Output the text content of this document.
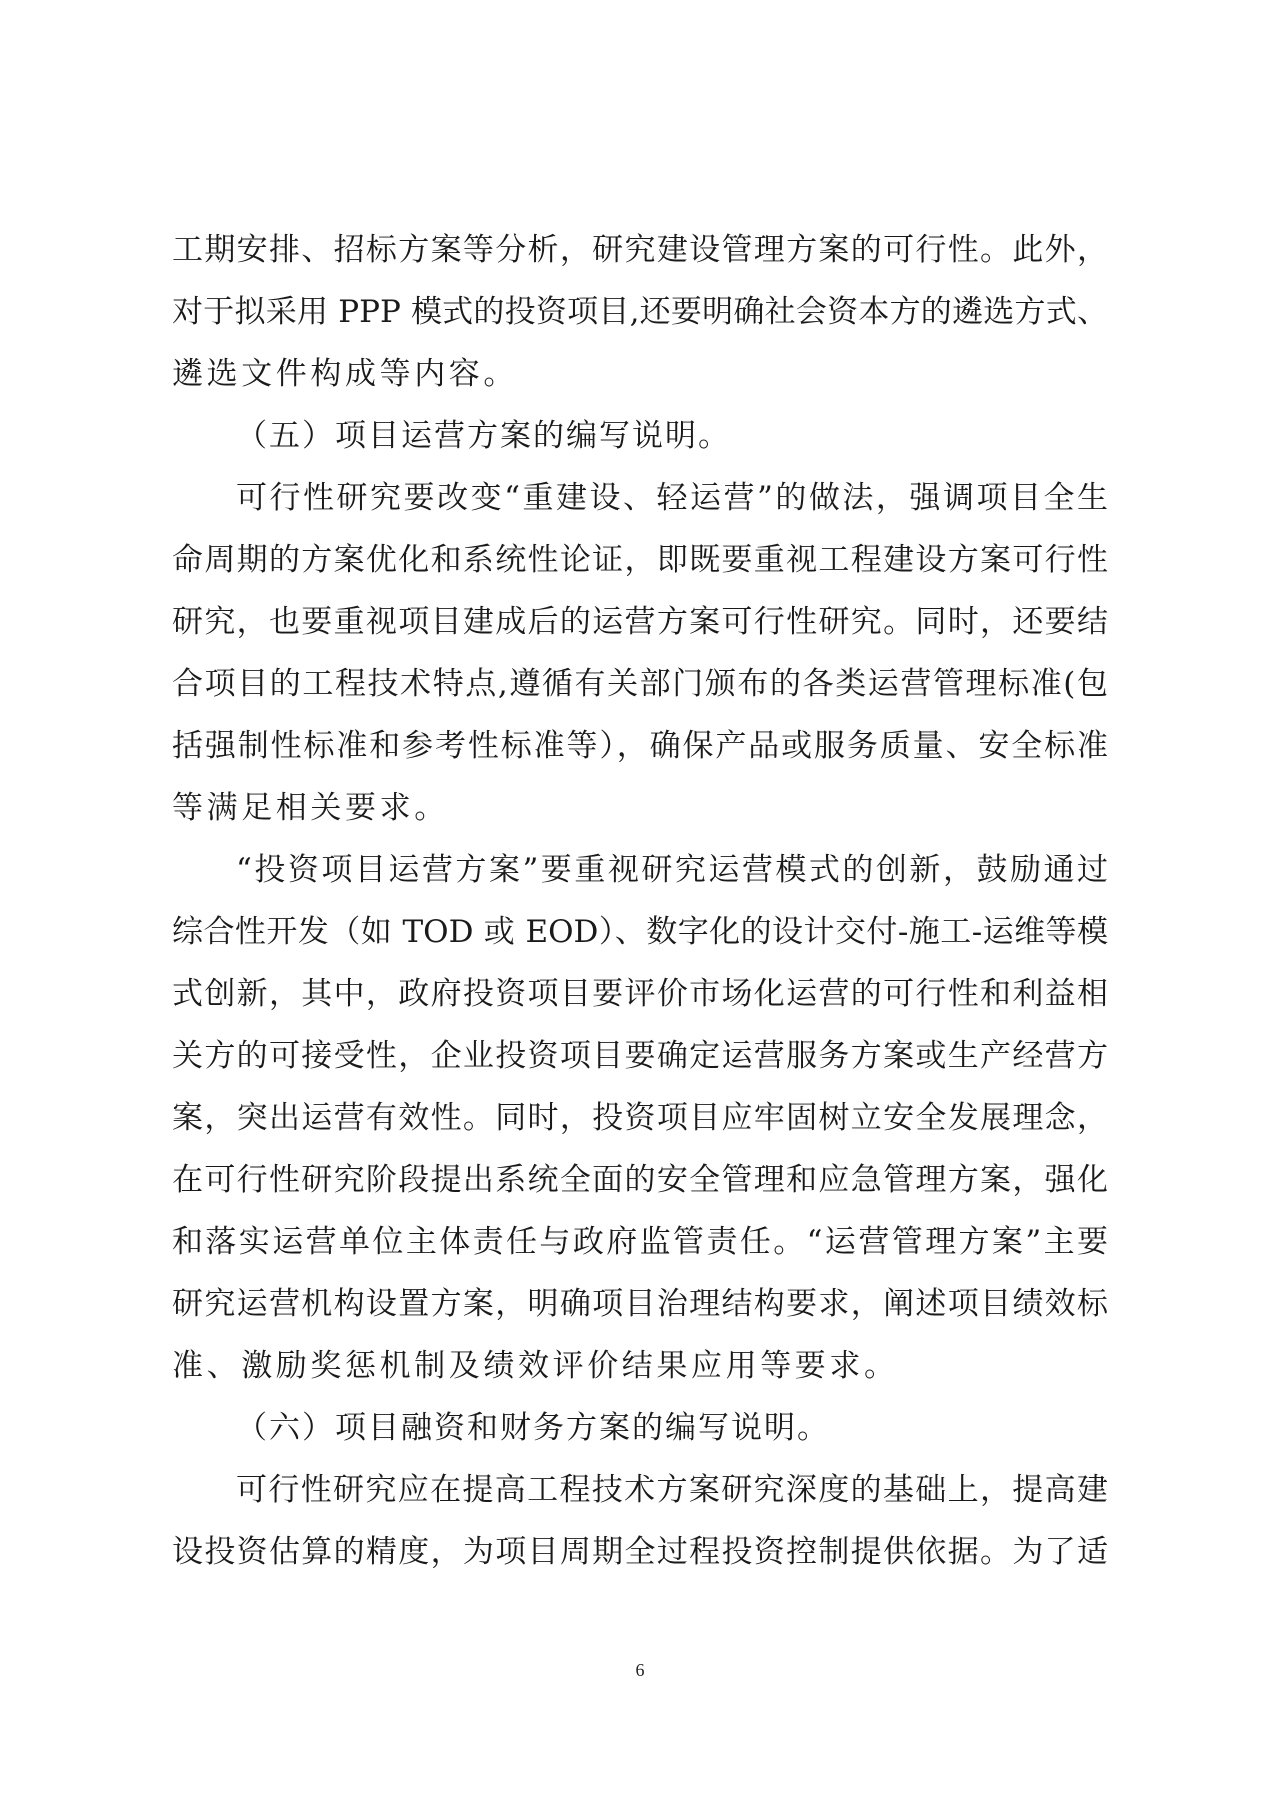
工期安排、招标方案等分析，研究建设管理方案的可行性。此外，
对于拟采用 PPP 模式的投资项目,还要明确社会资本方的遴选方式、
遴选文件构成等内容。
（五）项目运营方案的编写说明。
可行性研究要改变“重建设、轻运营”的做法，强调项目全生
命周期的方案优化和系统性论证，即既要重视工程建设方案可行性
研究，也要重视项目建成后的运营方案可行性研究。同时，还要结
合项目的工程技术特点,遵循有关部门颁布的各类运营管理标准(包
括强制性标准和参考性标准等），确保产品或服务质量、安全标准
等满足相关要求。
“投资项目运营方案”要重视研究运营模式的创新，鼓励通过
综合性开发（如 TOD 或 EOD）、数字化的设计交付-施工-运维等模
式创新，其中，政府投资项目要评价市场化运营的可行性和利益相
关方的可接受性，企业投资项目要确定运营服务方案或生产经营方
案，突出运营有效性。同时，投资项目应牢固树立安全发展理念，
在可行性研究阶段提出系统全面的安全管理和应急管理方案，强化
和落实运营单位主体责任与政府监管责任。“运营管理方案”主要
研究运营机构设置方案，明确项目治理结构要求，阐述项目绩效标
准、激励奖惩机制及绩效评价结果应用等要求。
（六）项目融资和财务方案的编写说明。
可行性研究应在提高工程技术方案研究深度的基础上，提高建
设投资估算的精度，为项目周期全过程投资控制提供依据。为了适
6
